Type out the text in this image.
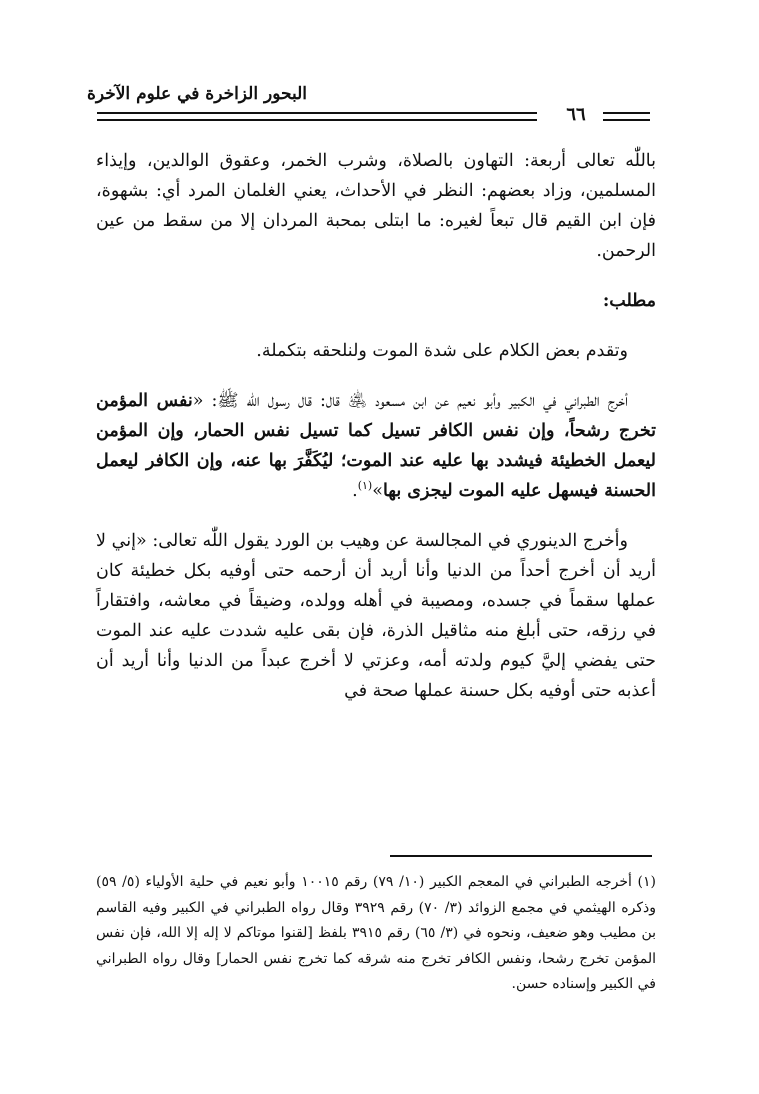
البحور الزاخرة في علوم الآخرة
٦٦

باللّٰه تعالى أربعة: التهاون بالصلاة، وشرب الخمر، وعقوق الوالدين، وإيذاء المسلمين، وزاد بعضهم: النظر في الأحداث، يعني الغلمان المرد أي: بشهوة، فإن ابن القيم قال تبعاً لغيره: ما ابتلى بمحبة المردان إلا من سقط من عين الرحمن.

مطلب:

وتقدم بعض الكلام على شدة الموت ولنلحقه بتكملة.

أخرج الطبراني في الكبير وأبو نعيم عن ابن مسعود ﵁ قال: قال رسول اللّٰه ﷺ: «نفس المؤمن تخرج رشحاً، وإن نفس الكافر تسيل كما تسيل نفس الحمار، وإن المؤمن ليعمل الخطيئة فيشدد بها عليه عند الموت؛ ليُكَفَّرَ بها عنه، وإن الكافر ليعمل الحسنة فيسهل عليه الموت ليجزى بها»$^{(١)}$.

وأخرج الدينوري في المجالسة عن وهيب بن الورد يقول اللّٰه تعالى: «إني لا أريد أن أخرج أحداً من الدنيا وأنا أريد أن أرحمه حتى أوفيه بكل خطيئة كان عملها سقماً في جسده، ومصيبة في أهله وولده، وضيقاً في معاشه، وافتقاراً في رزقه، حتى أبلغ منه مثاقيل الذرة، فإن بقى عليه شددت عليه عند الموت حتى يفضي إليَّ كيوم ولدته أمه، وعزتي لا أخرج عبداً من الدنيا وأنا أريد أن أعذبه حتى أوفيه بكل حسنة عملها صحة في

(١) أخرجه الطبراني في المعجم الكبير (١٠/ ٧٩) رقم ١٠٠١٥ وأبو نعيم في حلية الأولياء (٥/ ٥٩) وذكره الهيثمي في مجمع الزوائد (٣/ ٧٠) رقم ٣٩٢٩ وقال رواه الطبراني في الكبير وفيه القاسم بن مطيب وهو ضعيف، ونحوه في (٣/ ٦٥) رقم ٣٩١٥ بلفظ [لقنوا موتاكم لا إله إلا الله، فإن نفس المؤمن تخرج رشحا، ونفس الكافر تخرج منه شرقه كما تخرج نفس الحمار] وقال رواه الطبراني في الكبير وإسناده حسن.
